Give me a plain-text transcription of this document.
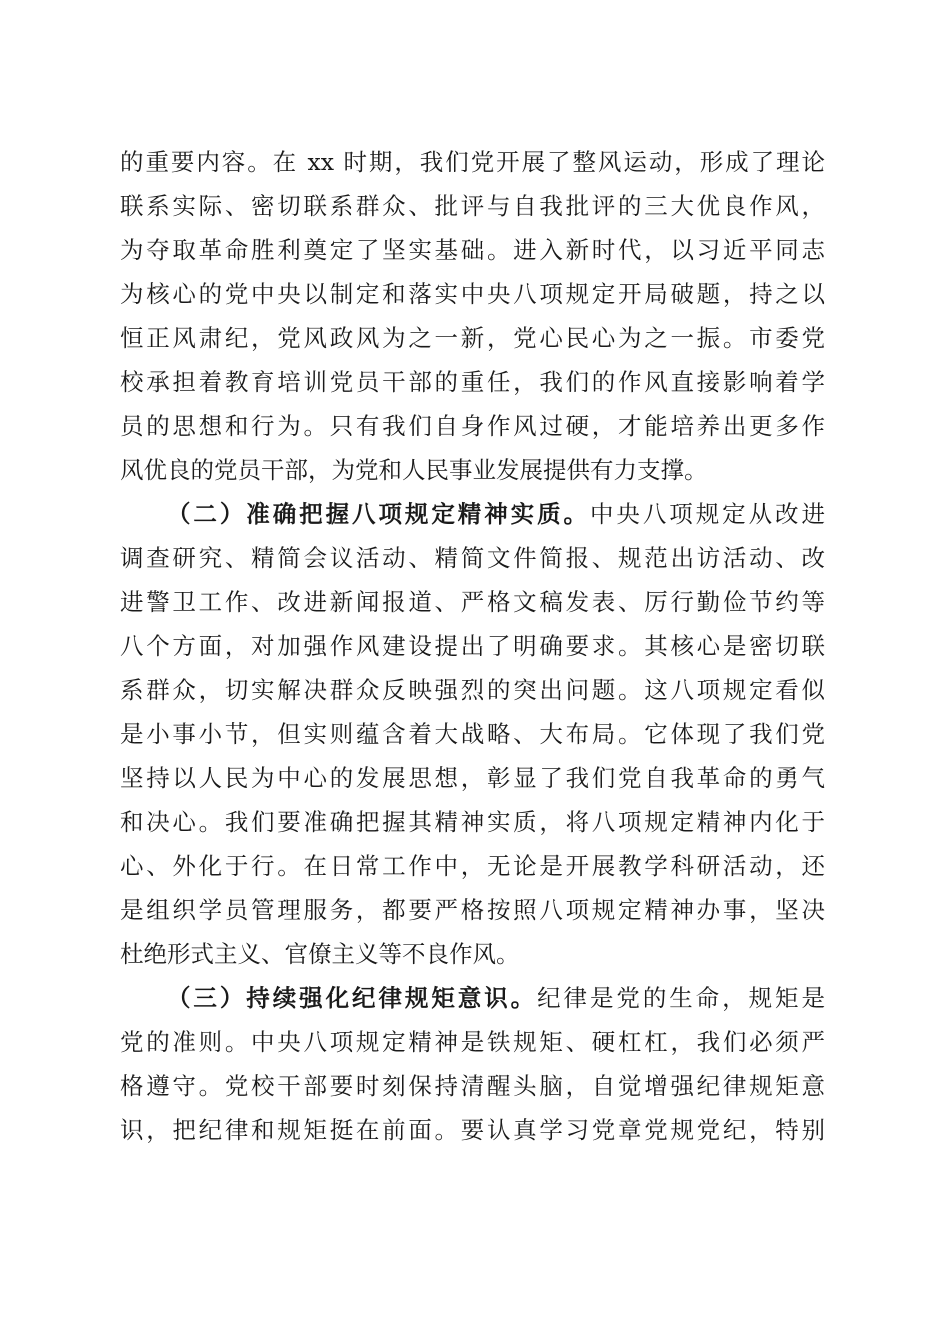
的重要内容。在 xx 时期，我们党开展了整风运动，形成了理论
联系实际、密切联系群众、批评与自我批评的三大优良作风，
为夺取革命胜利奠定了坚实基础。进入新时代，以习近平同志
为核心的党中央以制定和落实中央八项规定开局破题，持之以
恒正风肃纪，党风政风为之一新，党心民心为之一振。市委党
校承担着教育培训党员干部的重任，我们的作风直接影响着学
员的思想和行为。只有我们自身作风过硬，才能培养出更多作
风优良的党员干部，为党和人民事业发展提供有力支撑。
（二）准确把握八项规定精神实质。中央八项规定从改进
调查研究、精简会议活动、精简文件简报、规范出访活动、改
进警卫工作、改进新闻报道、严格文稿发表、厉行勤俭节约等
八个方面，对加强作风建设提出了明确要求。其核心是密切联
系群众，切实解决群众反映强烈的突出问题。这八项规定看似
是小事小节，但实则蕴含着大战略、大布局。它体现了我们党
坚持以人民为中心的发展思想，彰显了我们党自我革命的勇气
和决心。我们要准确把握其精神实质，将八项规定精神内化于
心、外化于行。在日常工作中，无论是开展教学科研活动，还
是组织学员管理服务，都要严格按照八项规定精神办事，坚决
杜绝形式主义、官僚主义等不良作风。
（三）持续强化纪律规矩意识。纪律是党的生命，规矩是
党的准则。中央八项规定精神是铁规矩、硬杠杠，我们必须严
格遵守。党校干部要时刻保持清醒头脑，自觉增强纪律规矩意
识，把纪律和规矩挺在前面。要认真学习党章党规党纪，特别
